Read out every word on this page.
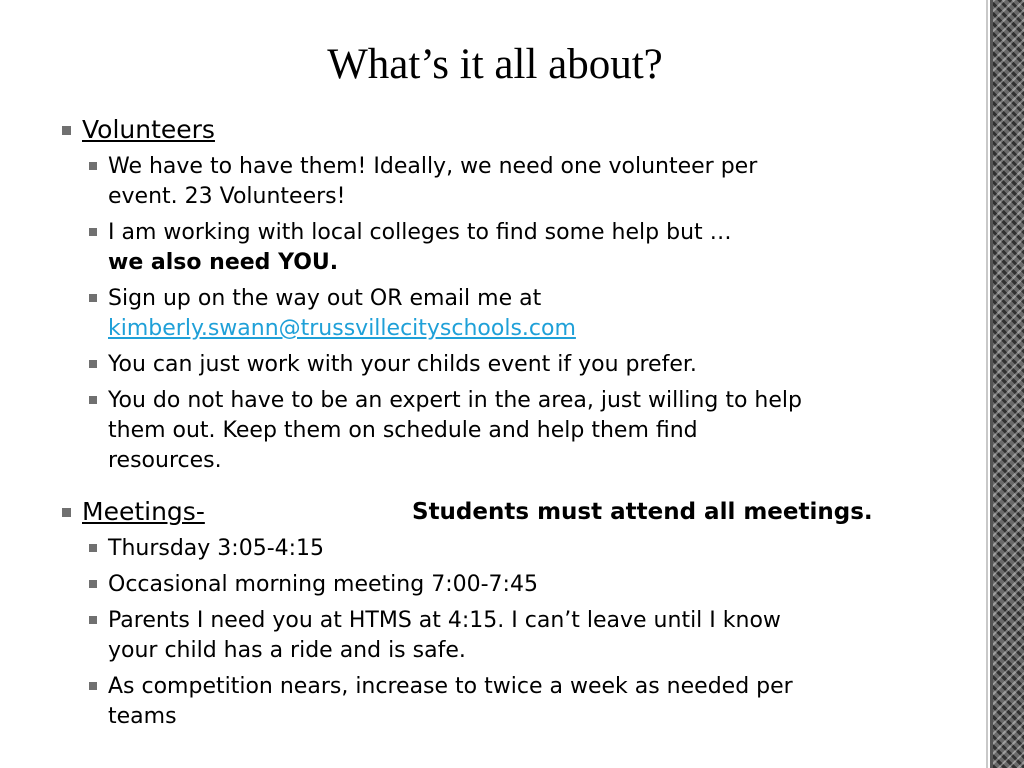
What’s it all about?
Volunteers
We have to have them! Ideally, we need one volunteer per
event. 23 Volunteers!
I am working with local colleges to find some help but …
we also need YOU.
Sign up on the way out OR email me at
kimberly.swann@trussvillecityschools.com
You can just work with your childs event if you prefer.
You do not have to be an expert in the area, just willing to help
them out. Keep them on schedule and help them find
resources.
Meetings-	Students must attend all meetings.
Thursday 3:05-4:15
Occasional morning meeting 7:00-7:45
Parents I need you at HTMS at 4:15. I can’t leave until I know
your child has a ride and is safe.
As competition nears, increase to twice a week as needed per
teams
